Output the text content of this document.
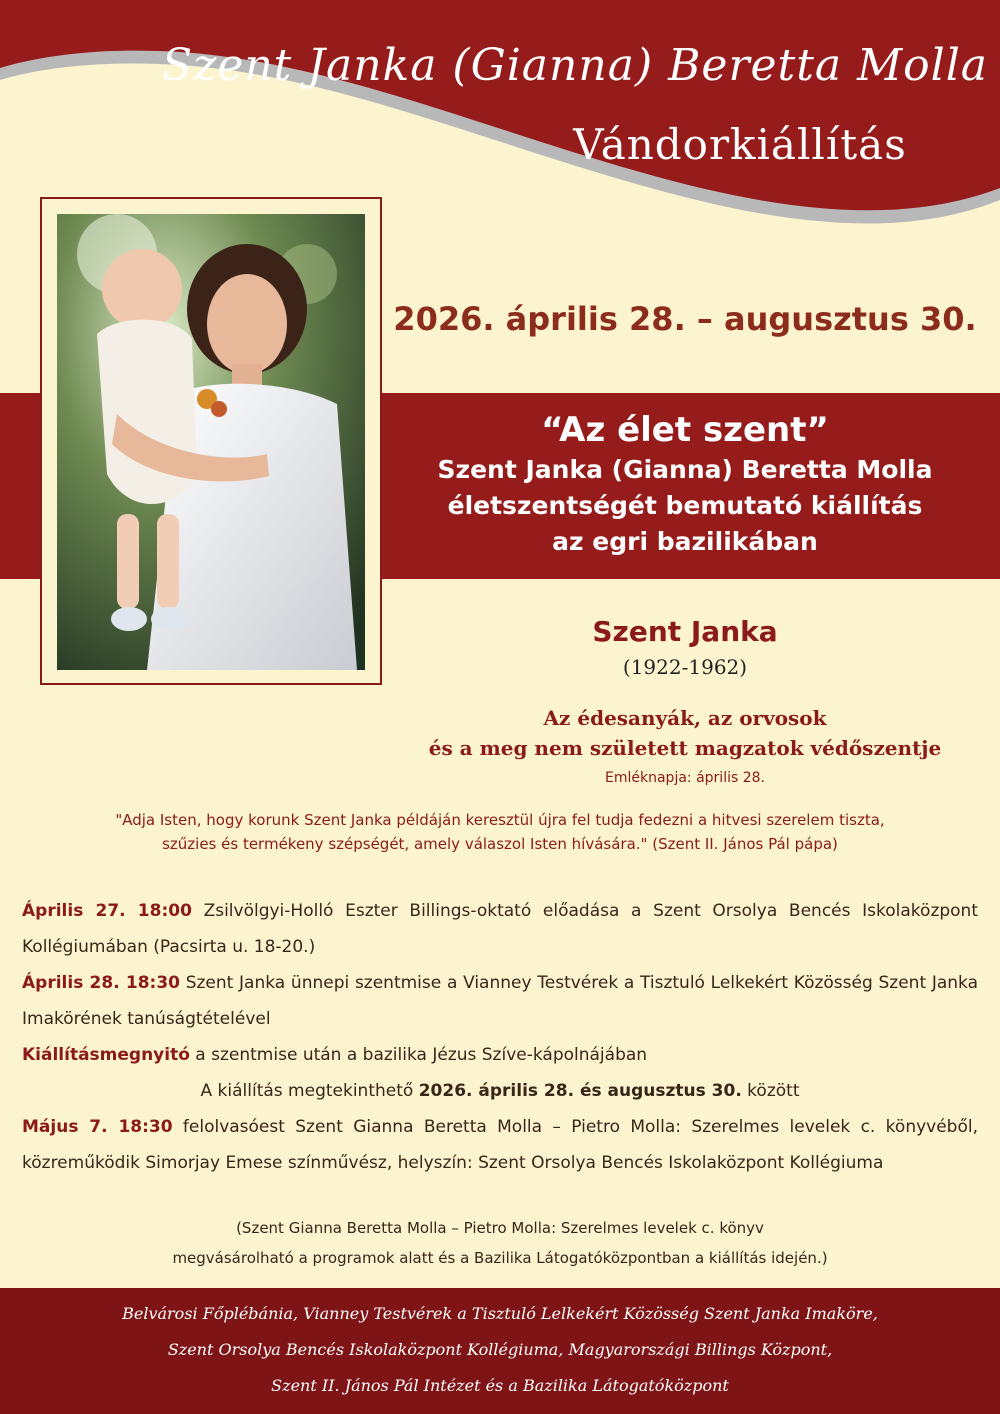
Szent Janka (Gianna) Beretta Molla
Vándorkiállítás
2026. április 28. – augusztus 30.
“Az élet szent”
Szent Janka (Gianna) Beretta Molla
életszentségét bemutató kiállítás
az egri bazilikában
Szent Janka
(1922-1962)
Az édesanyák, az orvosok
és a meg nem született magzatok védőszentje
Emléknapja: április 28.
"Adja Isten, hogy korunk Szent Janka példáján keresztül újra fel tudja fedezni a hitvesi szerelem tiszta,
szűzies és termékeny szépségét, amely válaszol Isten hívására." (Szent II. János Pál pápa)

Április 27. 18:00 Zsilvölgyi-Holló Eszter Billings-oktató előadása a Szent Orsolya Bencés Iskolaközpont Kollégiumában (Pacsirta u. 18-20.)

Április 28. 18:30 Szent Janka ünnepi szentmise a Vianney Testvérek a Tisztuló Lelkekért Közösség Szent Janka Imakörének tanúságtételével

Kiállításmegnyitó a szentmise után a bazilika Jézus Szíve-kápolnájában

A kiállítás megtekinthető 2026. április 28. és augusztus 30. között

Május 7. 18:30 felolvasóest Szent Gianna Beretta Molla – Pietro Molla: Szerelmes levelek c. könyvéből, közreműködik Simorjay Emese színművész, helyszín: Szent Orsolya Bencés Iskolaközpont Kollégiuma

(Szent Gianna Beretta Molla – Pietro Molla: Szerelmes levelek c. könyv
megvásárolható a programok alatt és a Bazilika Látogatóközpontban a kiállítás idején.)
Belvárosi Főplébánia, Vianney Testvérek a Tisztuló Lelkekért Közösség Szent Janka Imaköre,
Szent Orsolya Bencés Iskolaközpont Kollégiuma, Magyarországi Billings Központ,
Szent II. János Pál Intézet és a Bazilika Látogatóközpont
